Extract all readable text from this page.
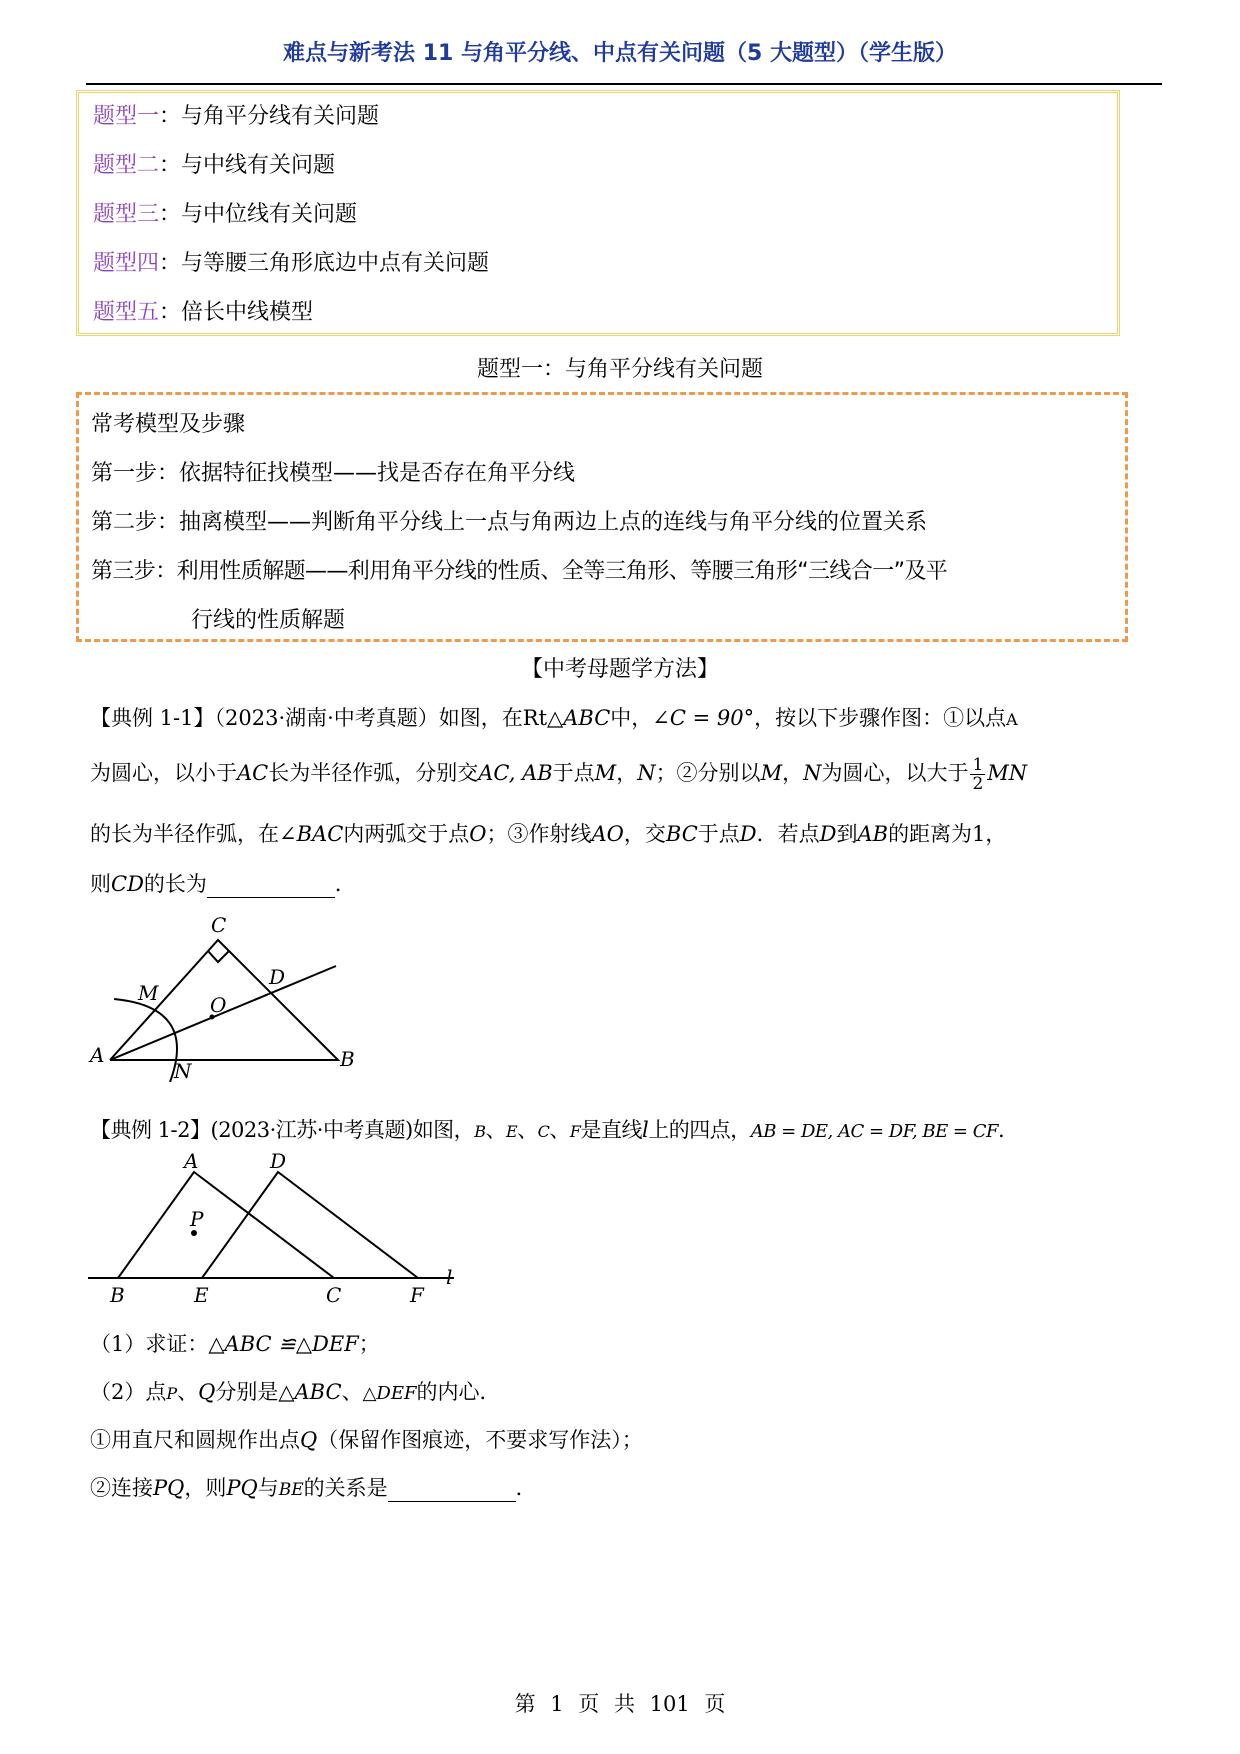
难点与新考法 11 与角平分线、中点有关问题（5 大题型）（学生版）
题型一：与角平分线有关问题
题型二：与中线有关问题
题型三：与中位线有关问题
题型四：与等腰三角形底边中点有关问题
题型五：倍长中线模型
题型一：与角平分线有关问题
常考模型及步骤
第一步：依据特征找模型——找是否存在角平分线
第二步：抽离模型——判断角平分线上一点与角两边上点的连线与角平分线的位置关系
第三步：利用性质解题——利用角平分线的性质、全等三角形、等腰三角形“三线合一”及平
行线的性质解题
【中考母题学方法】
【典例 1-1】（2023·湖南·中考真题）如图，在Rt△ABC中，∠C = 90°，按以下步骤作图：①以点A
为圆心，以小于AC长为半径作弧，分别交AC, AB于点M，N；②分别以M，N为圆心，以大于 $\frac{1}{2}$ MN
的长为半径作弧，在∠BAC内两弧交于点O；③作射线AO，交BC于点D．若点D到AB的距离为1，
则CD的长为	．
C
D
M	O
A	B
N
【典例 1-2】(2023·江苏·中考真题)如图，B、E、C、F是直线l上的四点，AB = DE, AC = DF, BE = CF.
A	D
P
B	E	C	F
l
（1）求证：△ABC ≌△DEF；
（2）点P、Q分别是△ABC、△DEF的内心．
①用直尺和圆规作出点Q（保留作图痕迹，不要求写作法）；
②连接PQ，则PQ与BE的关系是	．
第 1 页 共 101 页
